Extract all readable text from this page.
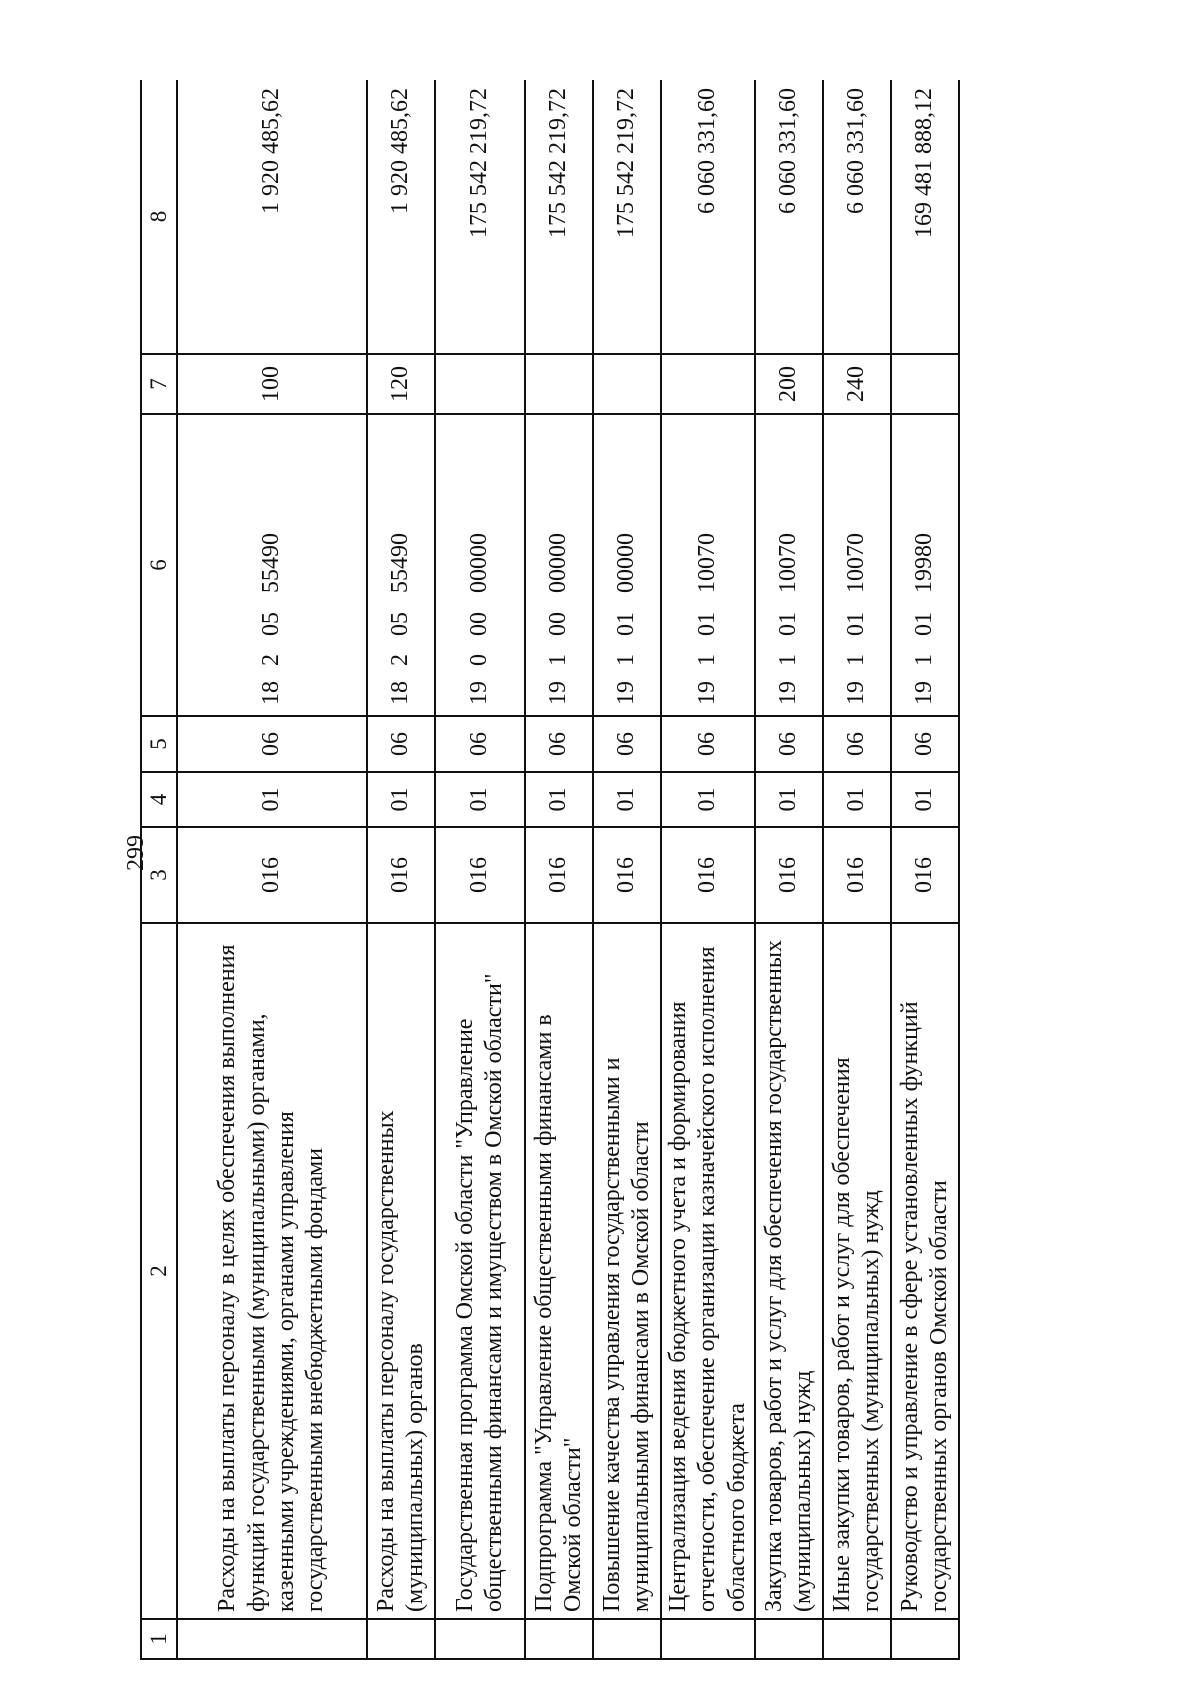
299
1	2	3	4	5	6	7	8
	Расходы на выплаты персоналу в целях обеспечения выполнения функций государственными (муниципальными) органами, казенными учреждениями, органами управления государственными внебюджетными фондами	016	01	06	1820555490	100	1 920 485,62
	Расходы на выплаты персоналу государственных (муниципальных) органов	016	01	06	1820555490	120	1 920 485,62
	Государственная программа Омской области "Управление общественными финансами и имуществом в Омской области"	016	01	06	1900000000		175 542 219,72
	Подпрограмма "Управление общественными финансами в Омской области"	016	01	06	1910000000		175 542 219,72
	Повышение качества управления государственными и муниципальными финансами в Омской области	016	01	06	1910100000		175 542 219,72
	Централизация ведения бюджетного учета и формирования отчетности, обеспечение организации казначейского исполнения областного бюджета	016	01	06	1910110070		6 060 331,60
	Закупка товаров, работ и услуг для обеспечения государственных (муниципальных) нужд	016	01	06	1910110070	200	6 060 331,60
	Иные закупки товаров, работ и услуг для обеспечения государственных (муниципальных) нужд	016	01	06	1910110070	240	6 060 331,60
	Руководство и управление в сфере установленных функций государственных органов Омской области	016	01	06	1910119980		169 481 888,12
